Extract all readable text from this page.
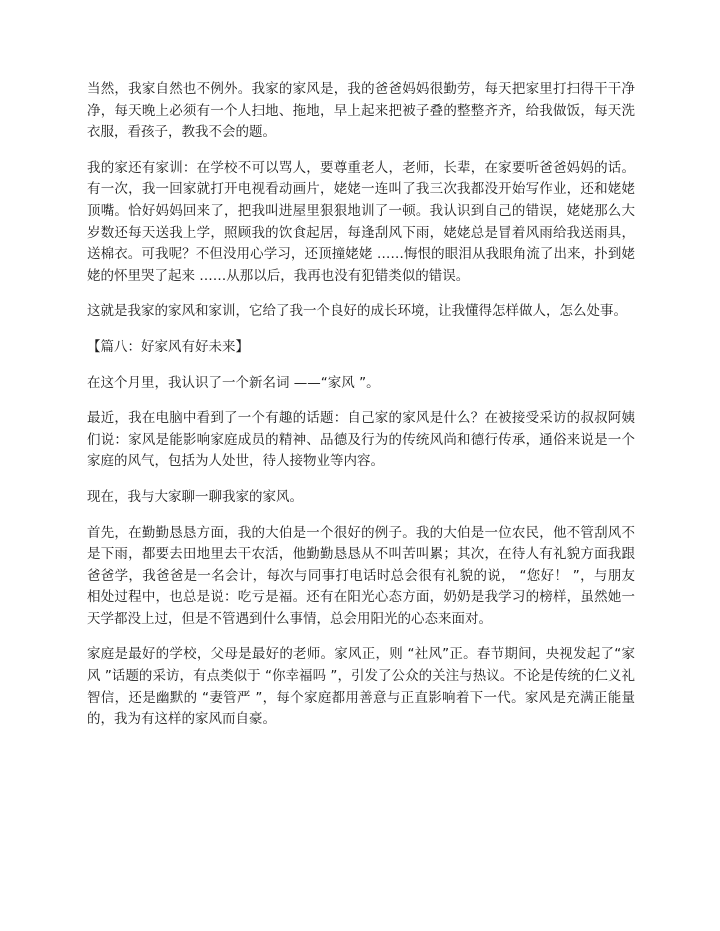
当然，我家自然也不例外。我家的家风是，我的爸爸妈妈很勤劳，每天把家里打扫得干干净净，每天晚上必须有一个人扫地、拖地，早上起来把被子叠的整整齐齐，给我做饭，每天洗衣服，看孩子，教我不会的题。

我的家还有家训：在学校不可以骂人，要尊重老人，老师，长辈，在家要听爸爸妈妈的话。有一次，我一回家就打开电视看动画片，姥姥一连叫了我三次我都没开始写作业，还和姥姥顶嘴。恰好妈妈回来了，把我叫进屋里狠狠地训了一顿。我认识到自己的错误，姥姥那么大岁数还每天送我上学，照顾我的饮食起居，每逢刮风下雨，姥姥总是冒着风雨给我送雨具，送棉衣。可我呢？不但没用心学习，还顶撞姥姥 ……悔恨的眼泪从我眼角流了出来，扑到姥姥的怀里哭了起来 ……从那以后，我再也没有犯错类似的错误。

这就是我家的家风和家训，它给了我一个良好的成长环境，让我懂得怎样做人，怎么处事。

【篇八：好家风有好未来】

在这个月里，我认识了一个新名词 ——“家风 ”。

最近，我在电脑中看到了一个有趣的话题：自己家的家风是什么？在被接受采访的叔叔阿姨们说：家风是能影响家庭成员的精神、品德及行为的传统风尚和德行传承，通俗来说是一个家庭的风气，包括为人处世，待人接物业等内容。

现在，我与大家聊一聊我家的家风。

首先，在勤勤恳恳方面，我的大伯是一个很好的例子。我的大伯是一位农民，他不管刮风不是下雨，都要去田地里去干农活，他勤勤恳恳从不叫苦叫累；其次，在待人有礼貌方面我跟爸爸学，我爸爸是一名会计，每次与同事打电话时总会很有礼貌的说， “您好！ ”，与朋友相处过程中，也总是说：吃亏是福。还有在阳光心态方面，奶奶是我学习的榜样，虽然她一天学都没上过，但是不管遇到什么事情，总会用阳光的心态来面对。

家庭是最好的学校，父母是最好的老师。家风正，则 “社风”正。春节期间，央视发起了“家风 ”话题的采访，有点类似于 “你幸福吗 ”，引发了公众的关注与热议。不论是传统的仁义礼智信，还是幽默的 “妻管严 ”，每个家庭都用善意与正直影响着下一代。家风是充满正能量的，我为有这样的家风而自豪。
